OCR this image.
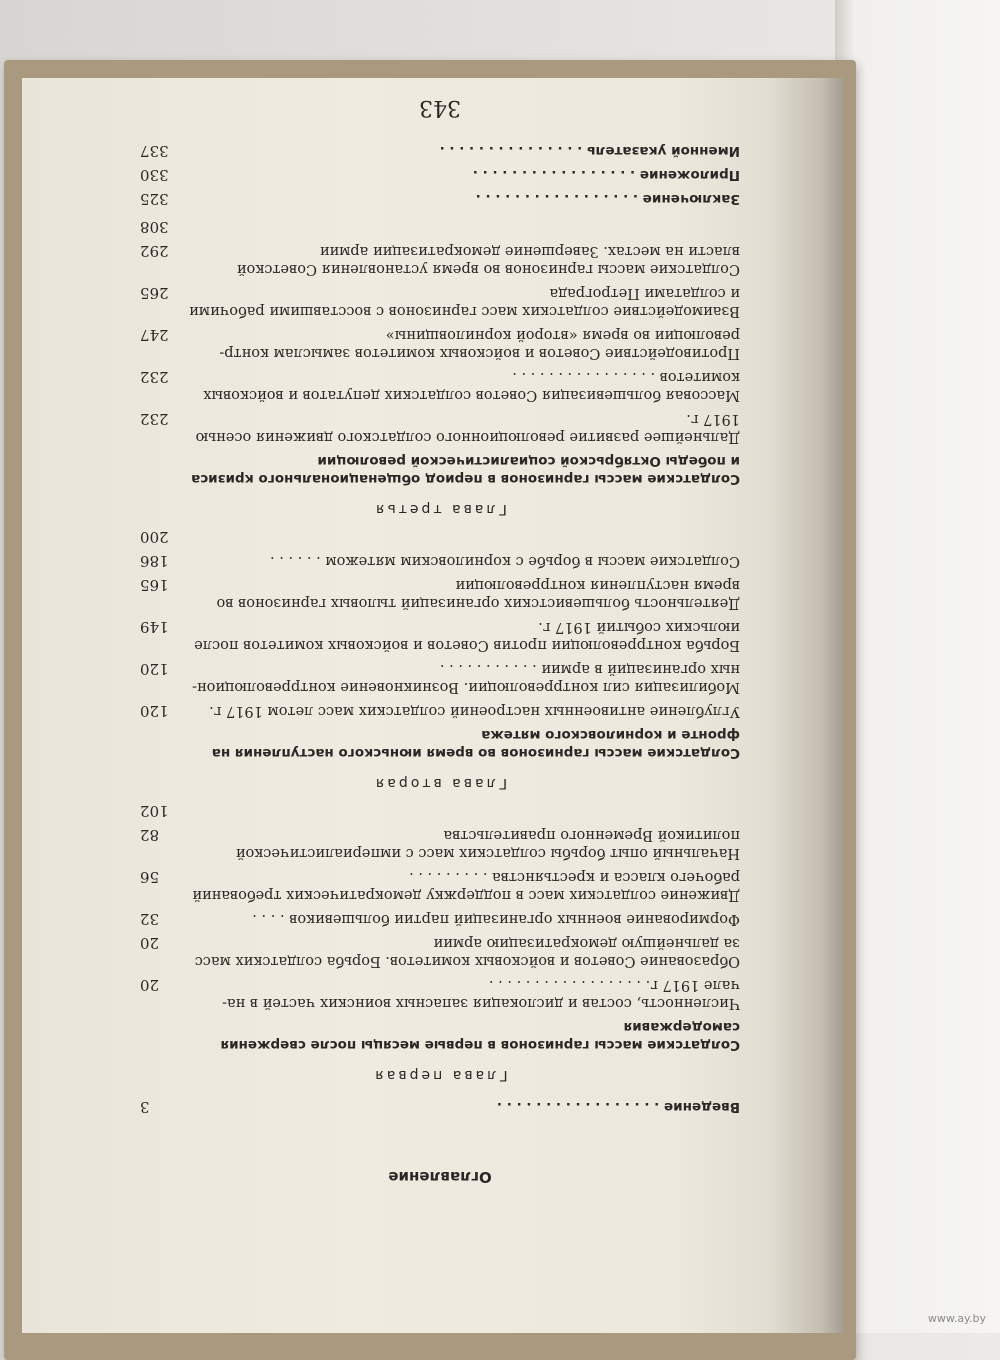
Оглавление
Введение . . . . . . . . . . . . . . . . .
3
Глава первая
Солдатские массы гарнизонов в первые месяцы после свержения
самодержавия
Численность, состав и дислокация запасных воинских частей в на-
чале 1917 г. . . . . . . . . . . . . . . . . .
20
Образование Советов и войсковых комитетов. Борьба солдатских масс
за дальнейшую демократизацию армии
20
Формирование военных организаций партии большевиков . . . .
32
Движение солдатских масс в поддержку демократических требований
рабочего класса и крестьянства . . . . . . . . .
56
Начальный опыт борьбы солдатских масс с империалистической
политикой Временного правительства
82
102
Глава вторая
Солдатские массы гарнизонов во время июньского наступления на
фронте и корниловского мятежа
Углубление антивоенных настроений солдатских масс летом 1917 г.
120
Мобилизация сил контрреволюции. Возникновение контрреволюцион-
ных организаций в армии . . . . . . . . . . .
120
Борьба контрреволюции против Советов и войсковых комитетов после
июльских событий 1917 г.
149
Деятельность большевистских организаций тыловых гарнизонов во
время наступления контрреволюции
165
Солдатские массы в борьбе с корниловским мятежом . . . . . .
186
200
Глава третья
Солдатские массы гарнизонов в период общенационального кризиса
и победы Октябрьской социалистической революции
Дальнейшее развитие революционного солдатского движения осенью
1917 г.
232
Массовая большевизация Советов солдатских депутатов и войсковых
комитетов . . . . . . . . . . . . . . . .
232
Противодействие Советов и войсковых комитетов замыслам контр-
революции во время «второй корниловщины»
247
Взаимодействие солдатских масс гарнизонов с восставшими рабочими
и солдатами Петрограда
265
Солдатские массы гарнизонов во время установления Советской
власти на местах. Завершение демократизации армии
292
308
Заключение . . . . . . . . . . . . . . . . .
325
Приложение . . . . . . . . . . . . . . . . .
330
Именной указатель . . . . . . . . . . . . . . .
337
343
www.ay.by
